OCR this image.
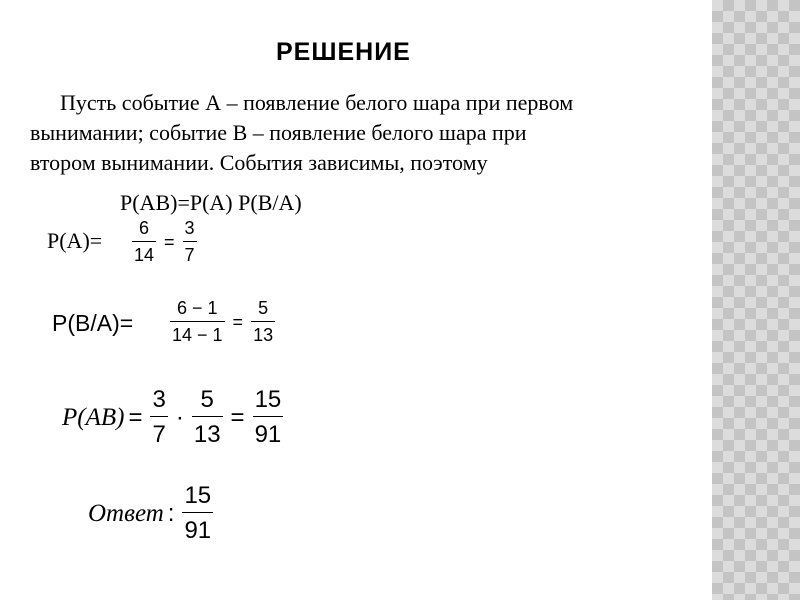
РЕШЕНИЕ
Пусть событие А – появление белого шара при первом
вынимании; событие В – появление белого шара при
втором вынимании. События зависимы, поэтому
P(AB)=P(A) P(B/A)
$P(A)= \frac{6}{14} = \frac{3}{7}$
$P(B/A)= \frac{6 - 1}{14 - 1} = \frac{5}{13}$
$P(AB) = \frac{3}{7} \cdot \frac{5}{13} = \frac{15}{91}$
Ответ : $\frac{15}{91}$
